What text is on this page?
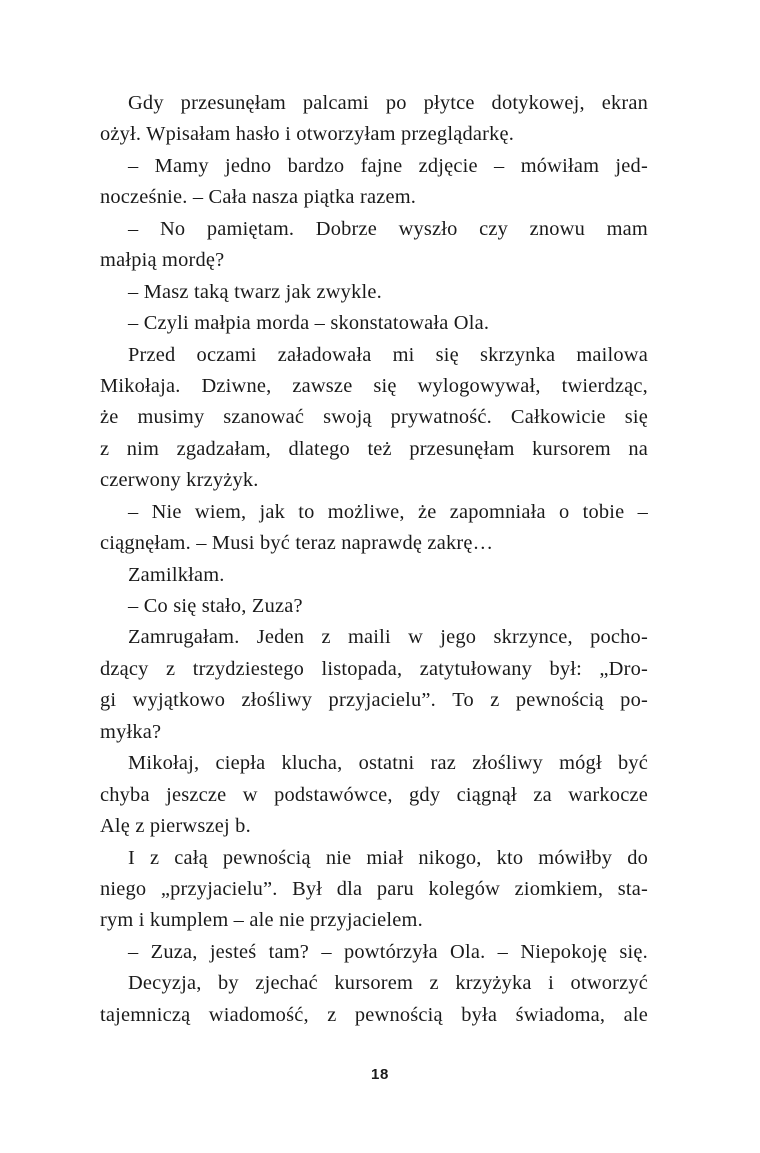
Gdy przesunęłam palcami po płytce dotykowej, ekran
ożył. Wpisałam hasło i otworzyłam przeglądarkę.
– Mamy jedno bardzo fajne zdjęcie – mówiłam jed-
nocześnie. – Cała nasza piątka razem.
– No pamiętam. Dobrze wyszło czy znowu mam
małpią mordę?
– Masz taką twarz jak zwykle.
– Czyli małpia morda – skonstatowała Ola.
Przed oczami załadowała mi się skrzynka mailowa
Mikołaja. Dziwne, zawsze się wylogowywał, twierdząc,
że musimy szanować swoją prywatność. Całkowicie się
z nim zgadzałam, dlatego też przesunęłam kursorem na
czerwony krzyżyk.
– Nie wiem, jak to możliwe, że zapomniała o tobie –
ciągnęłam. – Musi być teraz naprawdę zakrę…
Zamilkłam.
– Co się stało, Zuza?
Zamrugałam. Jeden z maili w jego skrzynce, pocho-
dzący z trzydziestego listopada, zatytułowany był: „Dro-
gi wyjątkowo złośliwy przyjacielu”. To z pewnością po-
myłka?
Mikołaj, ciepła klucha, ostatni raz złośliwy mógł być
chyba jeszcze w podstawówce, gdy ciągnął za warkocze
Alę z pierwszej b.
I z całą pewnością nie miał nikogo, kto mówiłby do
niego „przyjacielu”. Był dla paru kolegów ziomkiem, sta-
rym i kumplem – ale nie przyjacielem.
– Zuza, jesteś tam? – powtórzyła Ola. – Niepokoję się.
Decyzja, by zjechać kursorem z krzyżyka i otworzyć
tajemniczą wiadomość, z pewnością była świadoma, ale
18
